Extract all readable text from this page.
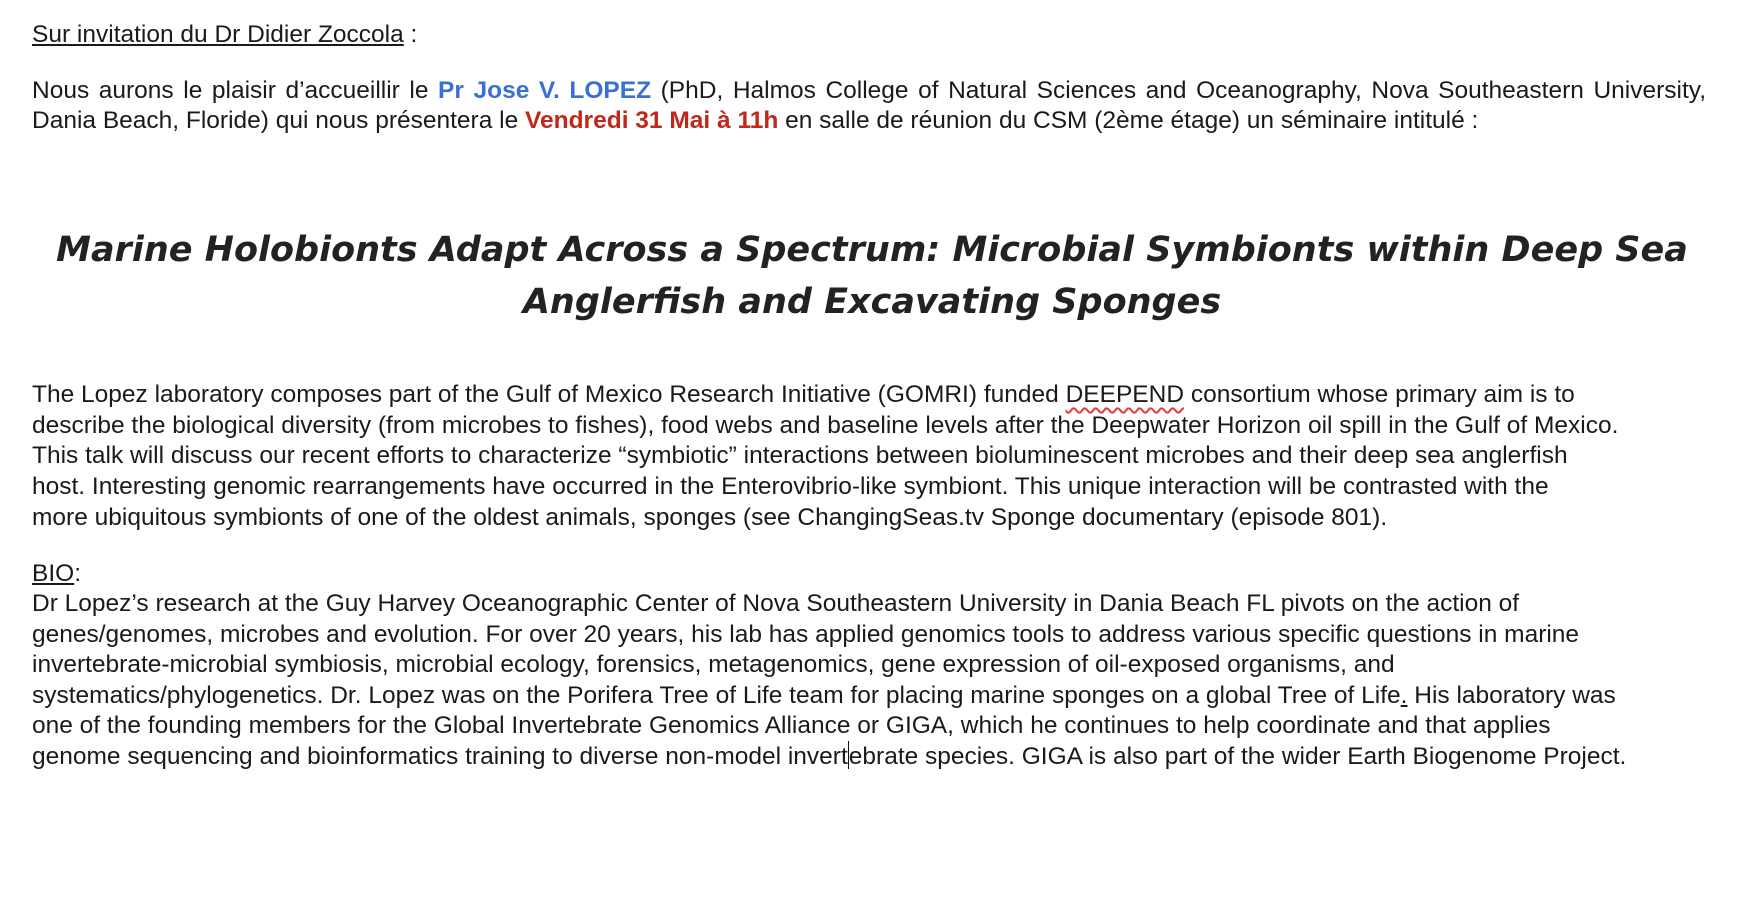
Sur invitation du Dr Didier Zoccola :
Nous aurons le plaisir d’accueillir le Pr Jose V. LOPEZ (PhD, Halmos College of Natural Sciences and Oceanography, Nova Southeastern University,
Dania Beach, Floride) qui nous présentera le Vendredi 31 Mai à 11h en salle de réunion du CSM (2ème étage) un séminaire intitulé :
Marine Holobionts Adapt Across a Spectrum: Microbial Symbionts within Deep Sea
Anglerfish and Excavating Sponges
The Lopez laboratory composes part of the Gulf of Mexico Research Initiative (GOMRI) funded DEEPEND consortium whose primary aim is to
describe the biological diversity (from microbes to fishes), food webs and baseline levels after the Deepwater Horizon oil spill in the Gulf of Mexico.
This talk will discuss our recent efforts to characterize “symbiotic” interactions between bioluminescent microbes and their deep sea anglerfish
host. Interesting genomic rearrangements have occurred in the Enterovibrio-like symbiont. This unique interaction will be contrasted with the
more ubiquitous symbionts of one of the oldest animals, sponges (see ChangingSeas.tv Sponge documentary (episode 801).
BIO:
Dr Lopez’s research at the Guy Harvey Oceanographic Center of Nova Southeastern University in Dania Beach FL pivots on the action of
genes/genomes, microbes and evolution. For over 20 years, his lab has applied genomics tools to address various specific questions in marine
invertebrate-microbial symbiosis, microbial ecology, forensics, metagenomics, gene expression of oil-exposed organisms, and
systematics/phylogenetics. Dr. Lopez was on the Porifera Tree of Life team for placing marine sponges on a global Tree of Life. His laboratory was
one of the founding members for the Global Invertebrate Genomics Alliance or GIGA, which he continues to help coordinate and that applies
genome sequencing and bioinformatics training to diverse non-model invertebrate species. GIGA is also part of the wider Earth Biogenome Project.
